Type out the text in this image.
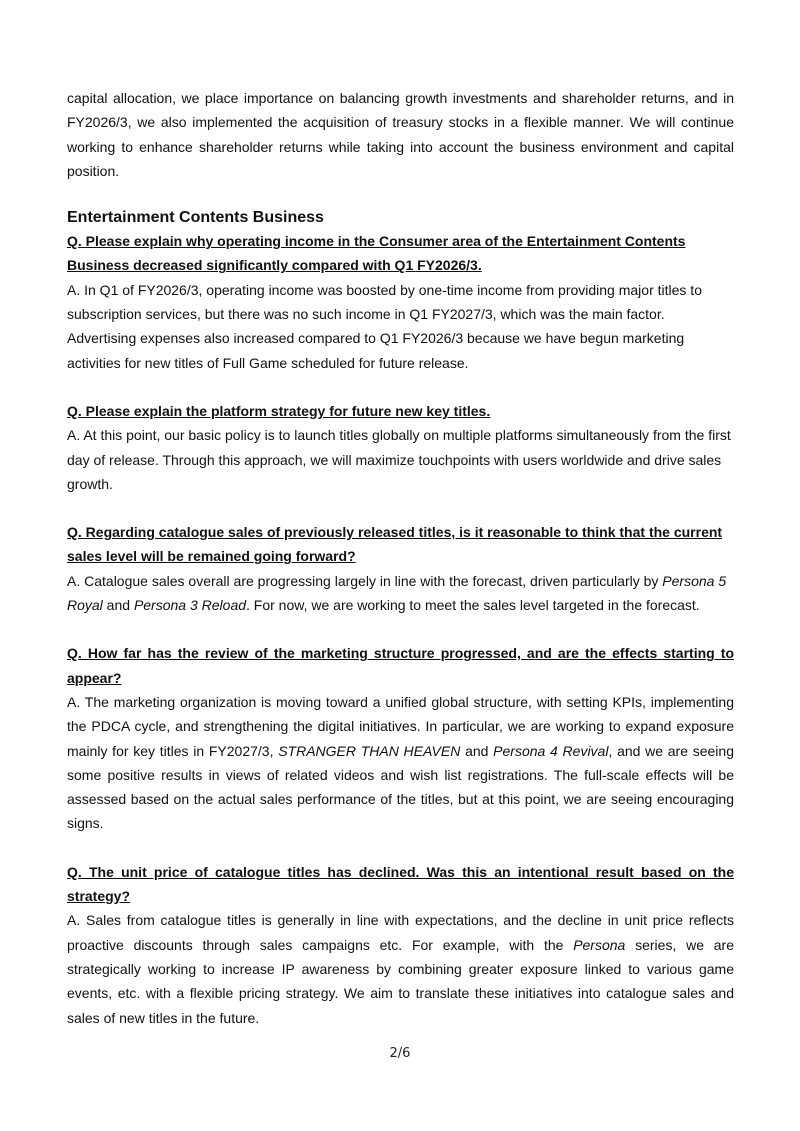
capital allocation, we place importance on balancing growth investments and shareholder returns, and in FY2026/3, we also implemented the acquisition of treasury stocks in a flexible manner. We will continue working to enhance shareholder returns while taking into account the business environment and capital position.

Entertainment Contents Business

Q. Please explain why operating income in the Consumer area of the Entertainment Contents Business decreased significantly compared with Q1 FY2026/3.

A. In Q1 of FY2026/3, operating income was boosted by one-time income from providing major titles to subscription services, but there was no such income in Q1 FY2027/3, which was the main factor. Advertising expenses also increased compared to Q1 FY2026/3 because we have begun marketing activities for new titles of Full Game scheduled for future release.

Q. Please explain the platform strategy for future new key titles.

A. At this point, our basic policy is to launch titles globally on multiple platforms simultaneously from the first day of release. Through this approach, we will maximize touchpoints with users worldwide and drive sales growth.

Q. Regarding catalogue sales of previously released titles, is it reasonable to think that the current sales level will be remained going forward?

A. Catalogue sales overall are progressing largely in line with the forecast, driven particularly by Persona 5 Royal and Persona 3 Reload. For now, we are working to meet the sales level targeted in the forecast.

Q. How far has the review of the marketing structure progressed, and are the effects starting to appear?

A. The marketing organization is moving toward a unified global structure, with setting KPIs, implementing the PDCA cycle, and strengthening the digital initiatives. In particular, we are working to expand exposure mainly for key titles in FY2027/3, STRANGER THAN HEAVEN and Persona 4 Revival, and we are seeing some positive results in views of related videos and wish list registrations. The full-scale effects will be assessed based on the actual sales performance of the titles, but at this point, we are seeing encouraging signs.

Q. The unit price of catalogue titles has declined. Was this an intentional result based on the strategy?

A. Sales from catalogue titles is generally in line with expectations, and the decline in unit price reflects proactive discounts through sales campaigns etc. For example, with the Persona series, we are strategically working to increase IP awareness by combining greater exposure linked to various game events, etc. with a flexible pricing strategy. We aim to translate these initiatives into catalogue sales and sales of new titles in the future.

2/6
